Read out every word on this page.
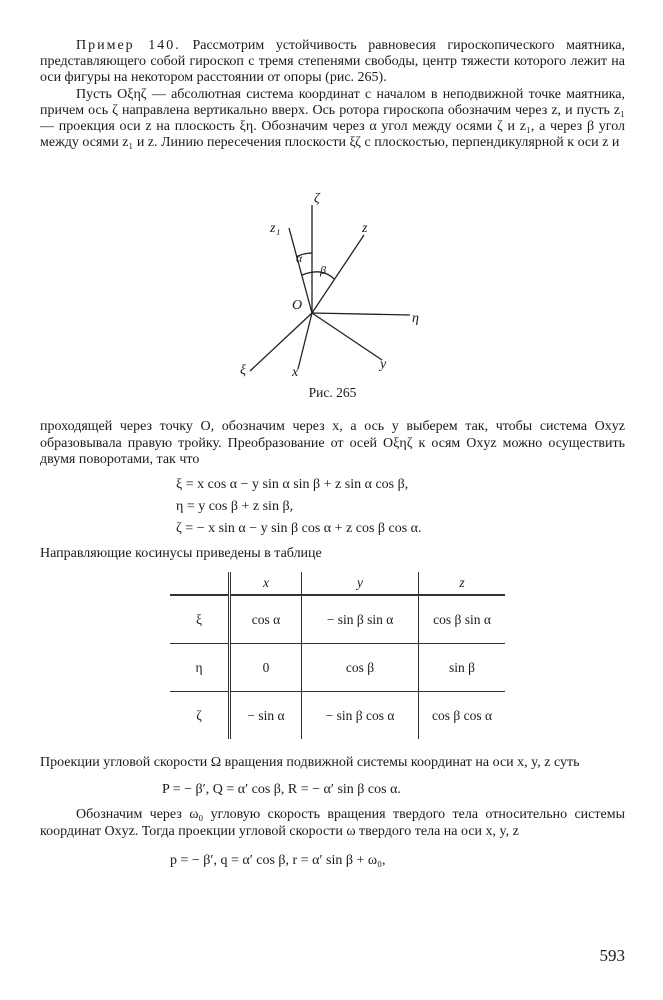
Пример 140. Рассмотрим устойчивость равновесия гироскопического маятника, представляющего собой гироскоп с тремя степенями свободы, центр тяжести которого лежит на оси фигуры на некотором расстоянии от опоры (рис. 265).

Пусть Oξηζ — абсолютная система координат с началом в неподвижной точке маятника, причем ось ζ направлена вертикально вверх. Ось ротора гироскопа обозначим через z, и пусть z₁ — проекция оси z на плоскость ξη. Обозначим через α угол между осями ζ и z₁, а через β угол между осями z₁ и z. Линию пересечения плоскости ξζ с плоскостью, перпендикулярной к оси z и

ζ
z
z₁
α
β
O
η
ξ	x
y
Рис. 265

проходящей через точку O, обозначим через x, а ось y выберем так, чтобы система Oxyz образовывала правую тройку. Преобразование от осей Oξηζ к осям Oxyz можно осуществить двумя поворотами, так что

ξ = x cos α − y sin α sin β + z sin α cos β,
η = y cos β + z sin β,
ζ = − x sin α − y sin β cos α + z cos β cos α.

Направляющие косинусы приведены в таблице

	x	y	z
ξ	cos α	− sin β sin α	cos β sin α
η	0	cos β	sin β
ζ	− sin α	− sin β cos α	cos β cos α

Проекции угловой скорости Ω вращения подвижной системы координат на оси x, y, z суть

P = − β′, Q = α′ cos β, R = − α′ sin β cos α.

Обозначим через ω₀ угловую скорость вращения твердого тела относительно системы координат Oxyz. Тогда проекции угловой скорости ω твердого тела на оси x, y, z

p = − β′, q = α′ cos β, r = α′ sin β + ω₀,
593
